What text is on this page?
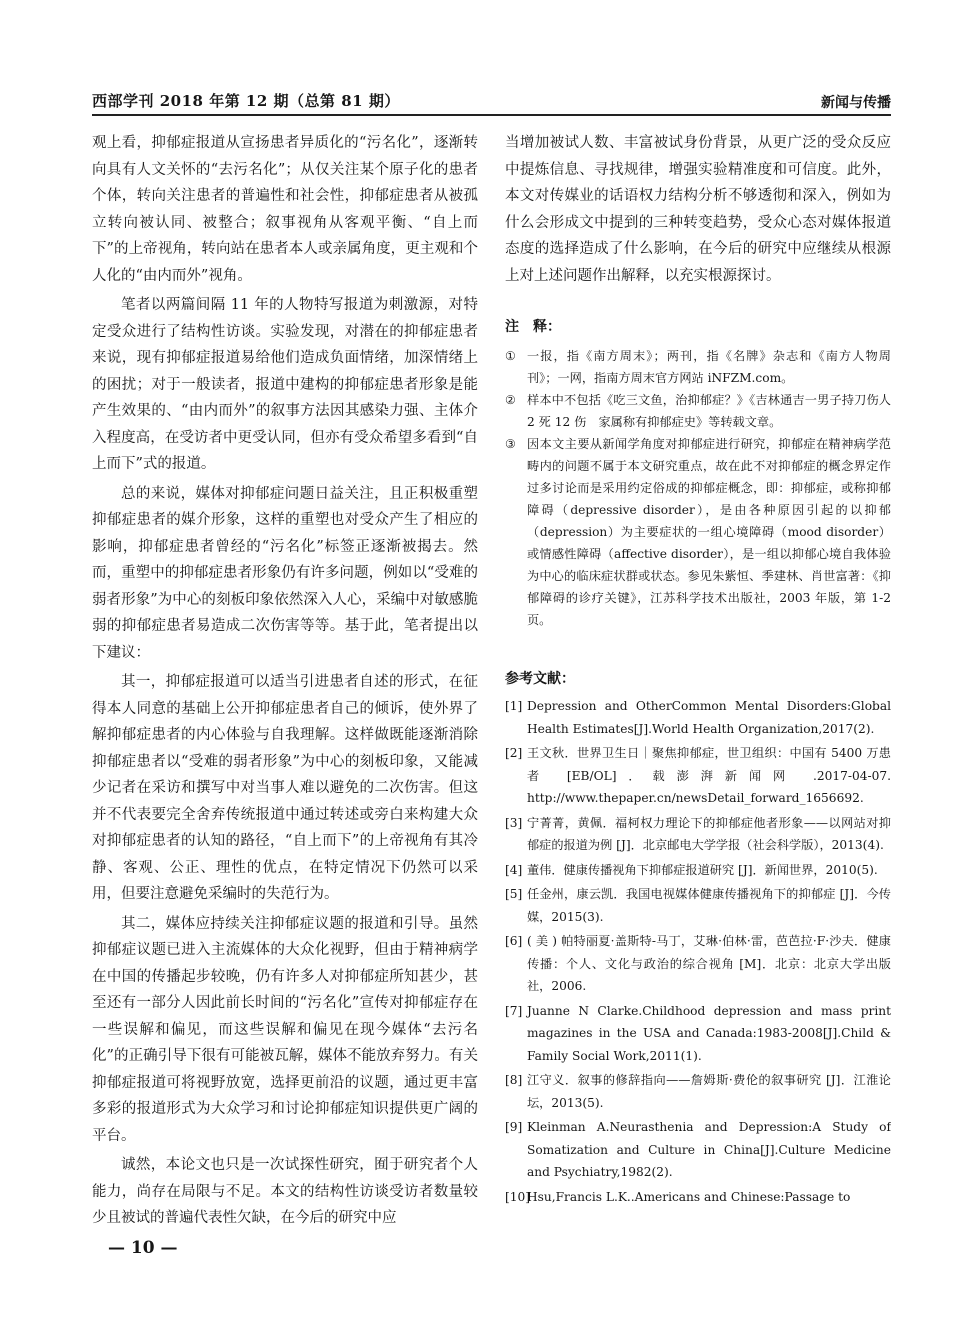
西部学刊 2018 年第 12 期（总第 81 期）	新闻与传播

观上看，抑郁症报道从宣扬患者异质化的“污名化”，逐渐转向具有人文关怀的“去污名化”；从仅关注某个原子化的患者个体，转向关注患者的普遍性和社会性，抑郁症患者从被孤立转向被认同、被整合；叙事视角从客观平衡、“自上而下”的上帝视角，转向站在患者本人或亲属角度，更主观和个人化的“由内而外”视角。

笔者以两篇间隔 11 年的人物特写报道为刺激源，对特定受众进行了结构性访谈。实验发现，对潜在的抑郁症患者来说，现有抑郁症报道易给他们造成负面情绪，加深情绪上的困扰；对于一般读者，报道中建构的抑郁症患者形象是能产生效果的、“由内而外”的叙事方法因其感染力强、主体介入程度高，在受访者中更受认同，但亦有受众希望多看到“自上而下”式的报道。

总的来说，媒体对抑郁症问题日益关注，且正积极重塑抑郁症患者的媒介形象，这样的重塑也对受众产生了相应的影响，抑郁症患者曾经的“污名化”标签正逐渐被揭去。然而，重塑中的抑郁症患者形象仍有许多问题，例如以“受难的弱者形象”为中心的刻板印象依然深入人心，采编中对敏感脆弱的抑郁症患者易造成二次伤害等等。基于此，笔者提出以下建议：

其一，抑郁症报道可以适当引进患者自述的形式，在征得本人同意的基础上公开抑郁症患者自己的倾诉，使外界了解抑郁症患者的内心体验与自我理解。这样做既能逐渐消除抑郁症患者以“受难的弱者形象”为中心的刻板印象，又能减少记者在采访和撰写中对当事人难以避免的二次伤害。但这并不代表要完全舍弃传统报道中通过转述或旁白来构建大众对抑郁症患者的认知的路径，“自上而下”的上帝视角有其冷静、客观、公正、理性的优点，在特定情况下仍然可以采用，但要注意避免采编时的失范行为。

其二，媒体应持续关注抑郁症议题的报道和引导。虽然抑郁症议题已进入主流媒体的大众化视野，但由于精神病学在中国的传播起步较晚，仍有许多人对抑郁症所知甚少，甚至还有一部分人因此前长时间的“污名化”宣传对抑郁症存在一些误解和偏见，而这些误解和偏见在现今媒体“去污名化”的正确引导下很有可能被瓦解，媒体不能放弃努力。有关抑郁症报道可将视野放宽，选择更前沿的议题，通过更丰富多彩的报道形式为大众学习和讨论抑郁症知识提供更广阔的平台。

诚然，本论文也只是一次试探性研究，囿于研究者个人能力，尚存在局限与不足。本文的结构性访谈受访者数量较少且被试的普遍代表性欠缺，在今后的研究中应

当增加被试人数、丰富被试身份背景，从更广泛的受众反应中提炼信息、寻找规律，增强实验精准度和可信度。此外，本文对传媒业的话语权力结构分析不够透彻和深入，例如为什么会形成文中提到的三种转变趋势，受众心态对媒体报道态度的选择造成了什么影响，在今后的研究中应继续从根源上对上述问题作出解释，以充实根源探讨。

注　释：
① 一报，指《南方周末》；两刊，指《名牌》杂志和《南方人物周刊》；一网，指南方周末官方网站 iNFZM.com。
② 样本中不包括《吃三文鱼，治抑郁症？》《吉林通吉一男子持刀伤人 2 死 12 伤　家属称有抑郁症史》等转载文章。
③ 因本文主要从新闻学角度对抑郁症进行研究，抑郁症在精神病学范畴内的问题不属于本文研究重点，故在此不对抑郁症的概念界定作过多讨论而是采用约定俗成的抑郁症概念，即：抑郁症，或称抑郁障碍（depressive disorder），是由各种原因引起的以抑郁（depression）为主要症状的一组心境障碍（mood disorder）或情感性障碍（affective disorder），是一组以抑郁心境自我体验为中心的临床症状群或状态。参见朱紫恒、季建林、肖世富著：《抑郁障碍的诊疗关键》，江苏科学技术出版社，2003 年版，第 1-2 页。
参考文献：
[1] Depression and OtherCommon Mental Disorders:Global Health Estimates[J].World Health Organization,2017(2).
[2] 王文秋．世界卫生日｜聚焦抑郁症，世卫组织：中国有 5400 万患者 [EB/OL]．载澎湃新闻网 .2017-04-07. http://www.thepaper.cn/newsDetail_forward_1656692.
[3] 宁菁菁，黄佩．福柯权力理论下的抑郁症他者形象——以网站对抑郁症的报道为例 [J]．北京邮电大学学报（社会科学版），2013(4).
[4] 董伟．健康传播视角下抑郁症报道研究 [J]．新闻世界，2010(5).
[5] 任金州，康云凯．我国电视媒体健康传播视角下的抑郁症 [J]．今传媒，2015(3).
[6] ( 美 ) 帕特丽夏·盖斯特-马丁，艾琳·伯林·雷，芭芭拉·F·沙夫．健康传播：个人、文化与政治的综合视角 [M]．北京：北京大学出版社，2006.
[7] Juanne N Clarke.Childhood depression and mass print magazines in the USA and Canada:1983-2008[J].Child & Family Social Work,2011(1).
[8] 江守义．叙事的修辞指向——詹姆斯·费伦的叙事研究 [J]．江淮论坛，2013(5).
[9] Kleinman A.Neurasthenia and Depression:A Study of Somatization and Culture in China[J].Culture Medicine and Psychiatry,1982(2).
[10]
Hsu,Francis L.K..Americans and Chinese:Passage to
— 10 —
